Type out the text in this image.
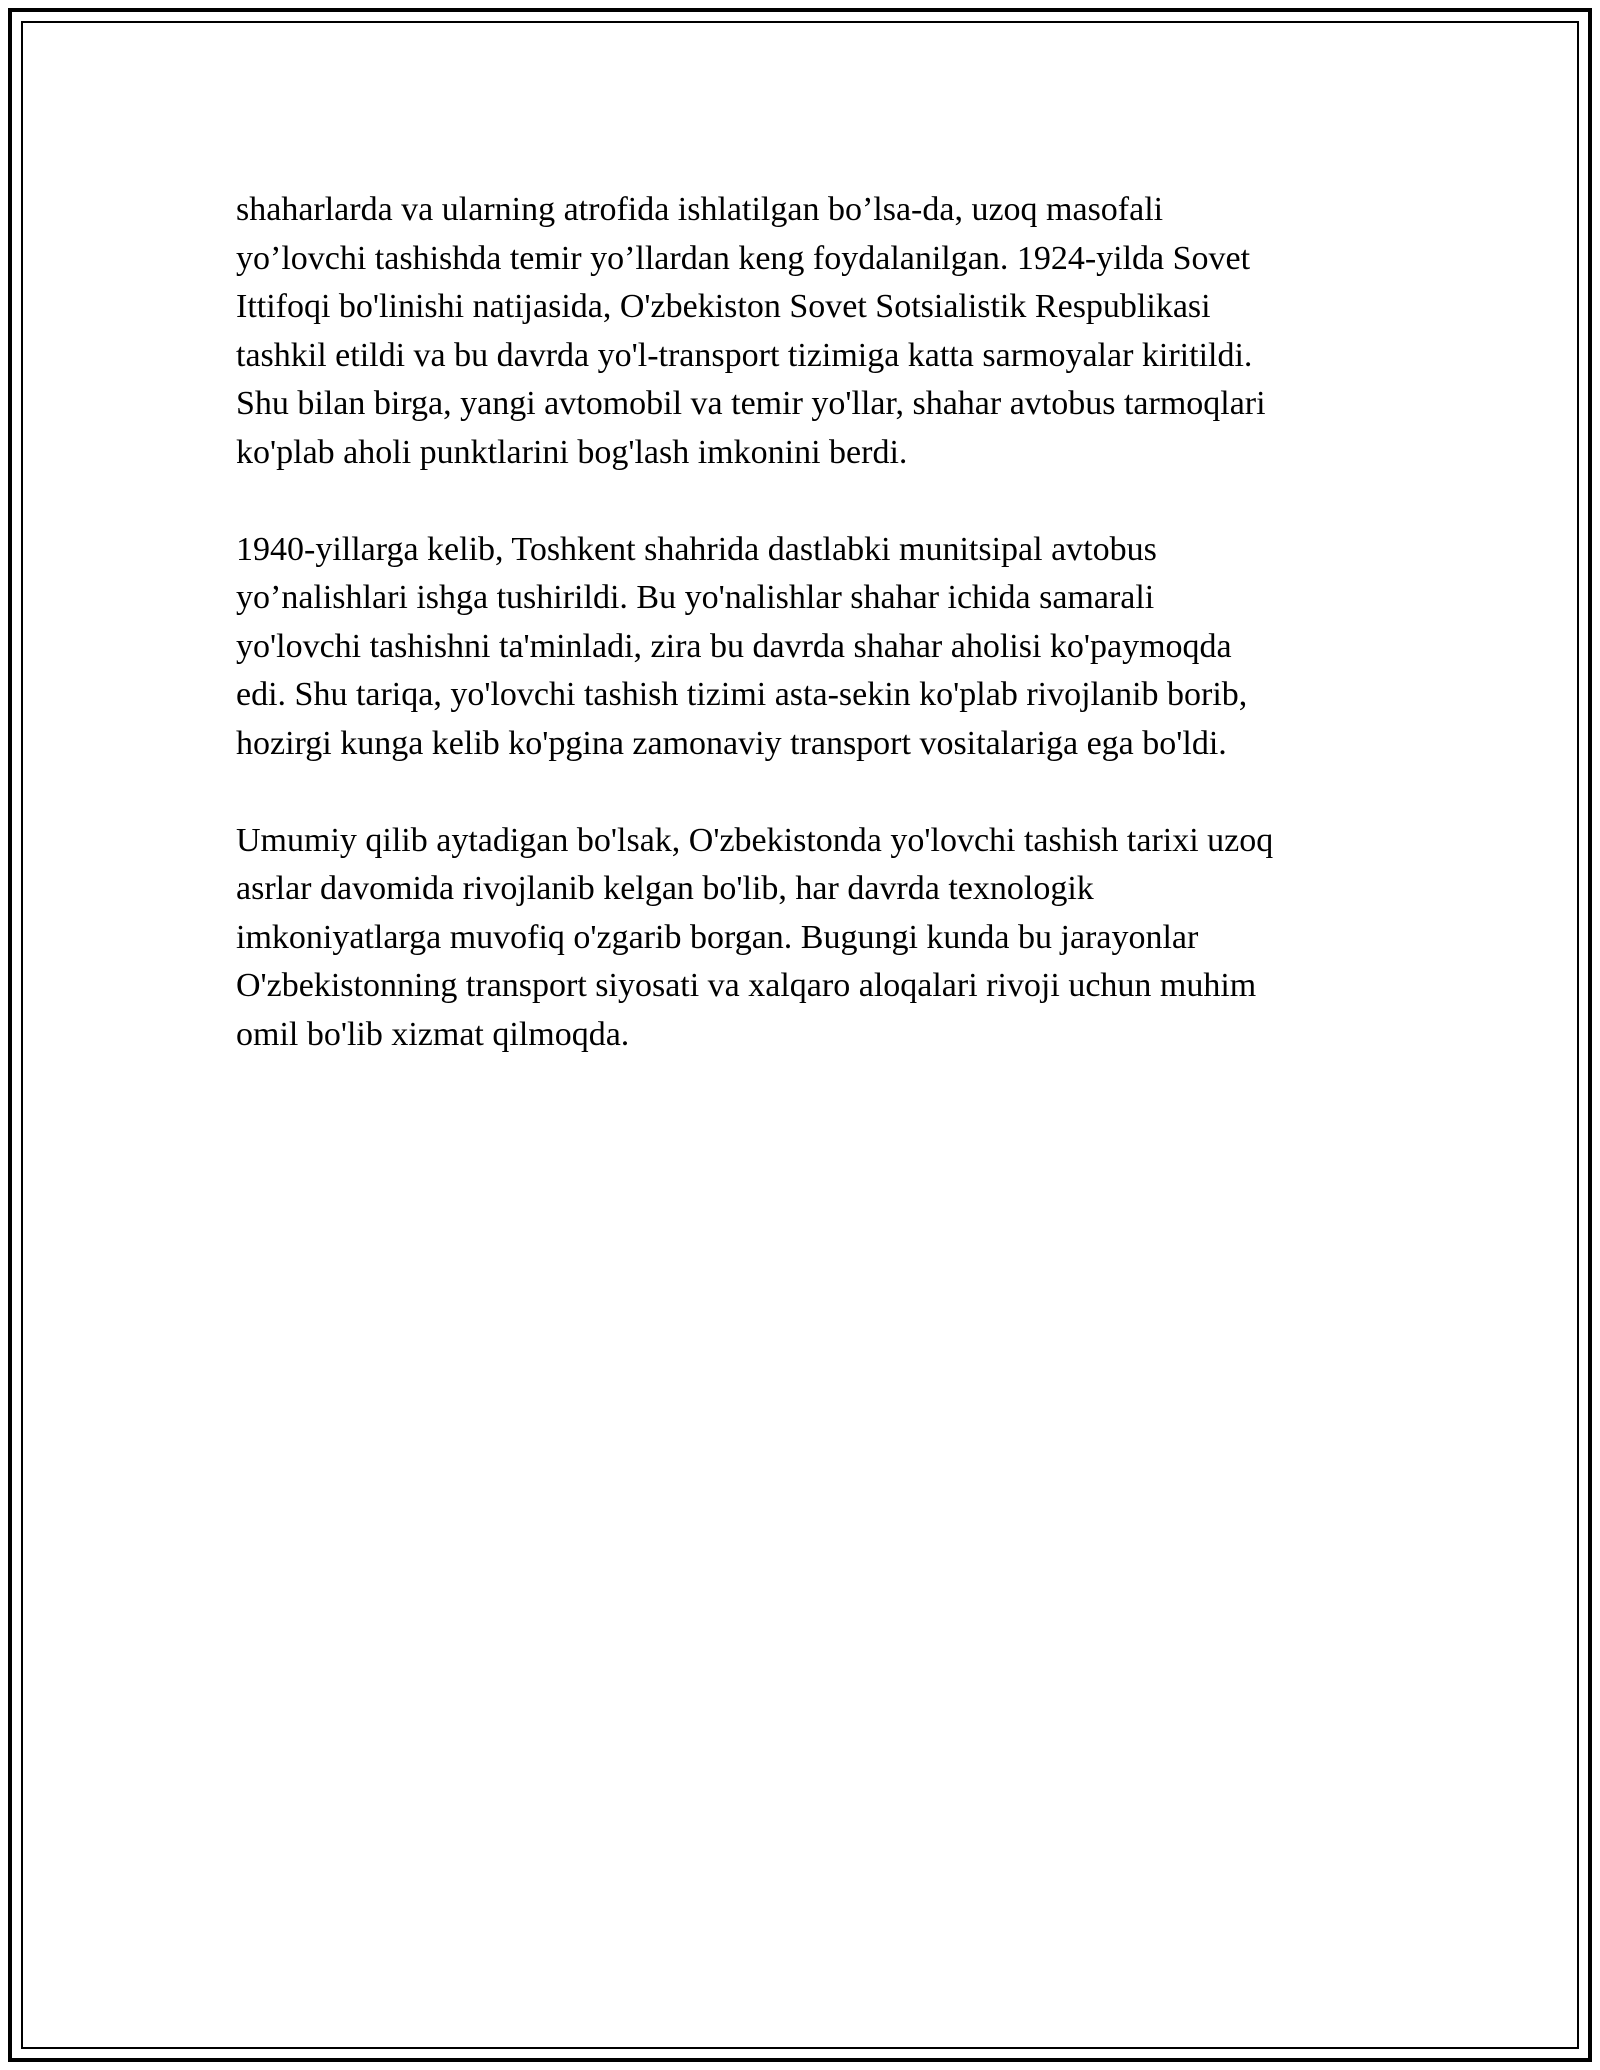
shaharlarda va ularning atrofida ishlatilgan bo’lsa-da, uzoq masofali
yo’lovchi tashishda temir yo’llardan keng foydalanilgan. 1924-yilda Sovet
Ittifoqi bo'linishi natijasida, O'zbekiston Sovet Sotsialistik Respublikasi
tashkil etildi va bu davrda yo'l-transport tizimiga katta sarmoyalar kiritildi.
Shu bilan birga, yangi avtomobil va temir yo'llar, shahar avtobus tarmoqlari
ko'plab aholi punktlarini bog'lash imkonini berdi.

1940-yillarga kelib, Toshkent shahrida dastlabki munitsipal avtobus
yo’nalishlari ishga tushirildi. Bu yo'nalishlar shahar ichida samarali
yo'lovchi tashishni ta'minladi, zira bu davrda shahar aholisi ko'paymoqda
edi. Shu tariqa, yo'lovchi tashish tizimi asta-sekin ko'plab rivojlanib borib,
hozirgi kunga kelib ko'pgina zamonaviy transport vositalariga ega bo'ldi.

Umumiy qilib aytadigan bo'lsak, O'zbekistonda yo'lovchi tashish tarixi uzoq
asrlar davomida rivojlanib kelgan bo'lib, har davrda texnologik
imkoniyatlarga muvofiq o'zgarib borgan. Bugungi kunda bu jarayonlar
O'zbekistonning transport siyosati va xalqaro aloqalari rivoji uchun muhim
omil bo'lib xizmat qilmoqda.
